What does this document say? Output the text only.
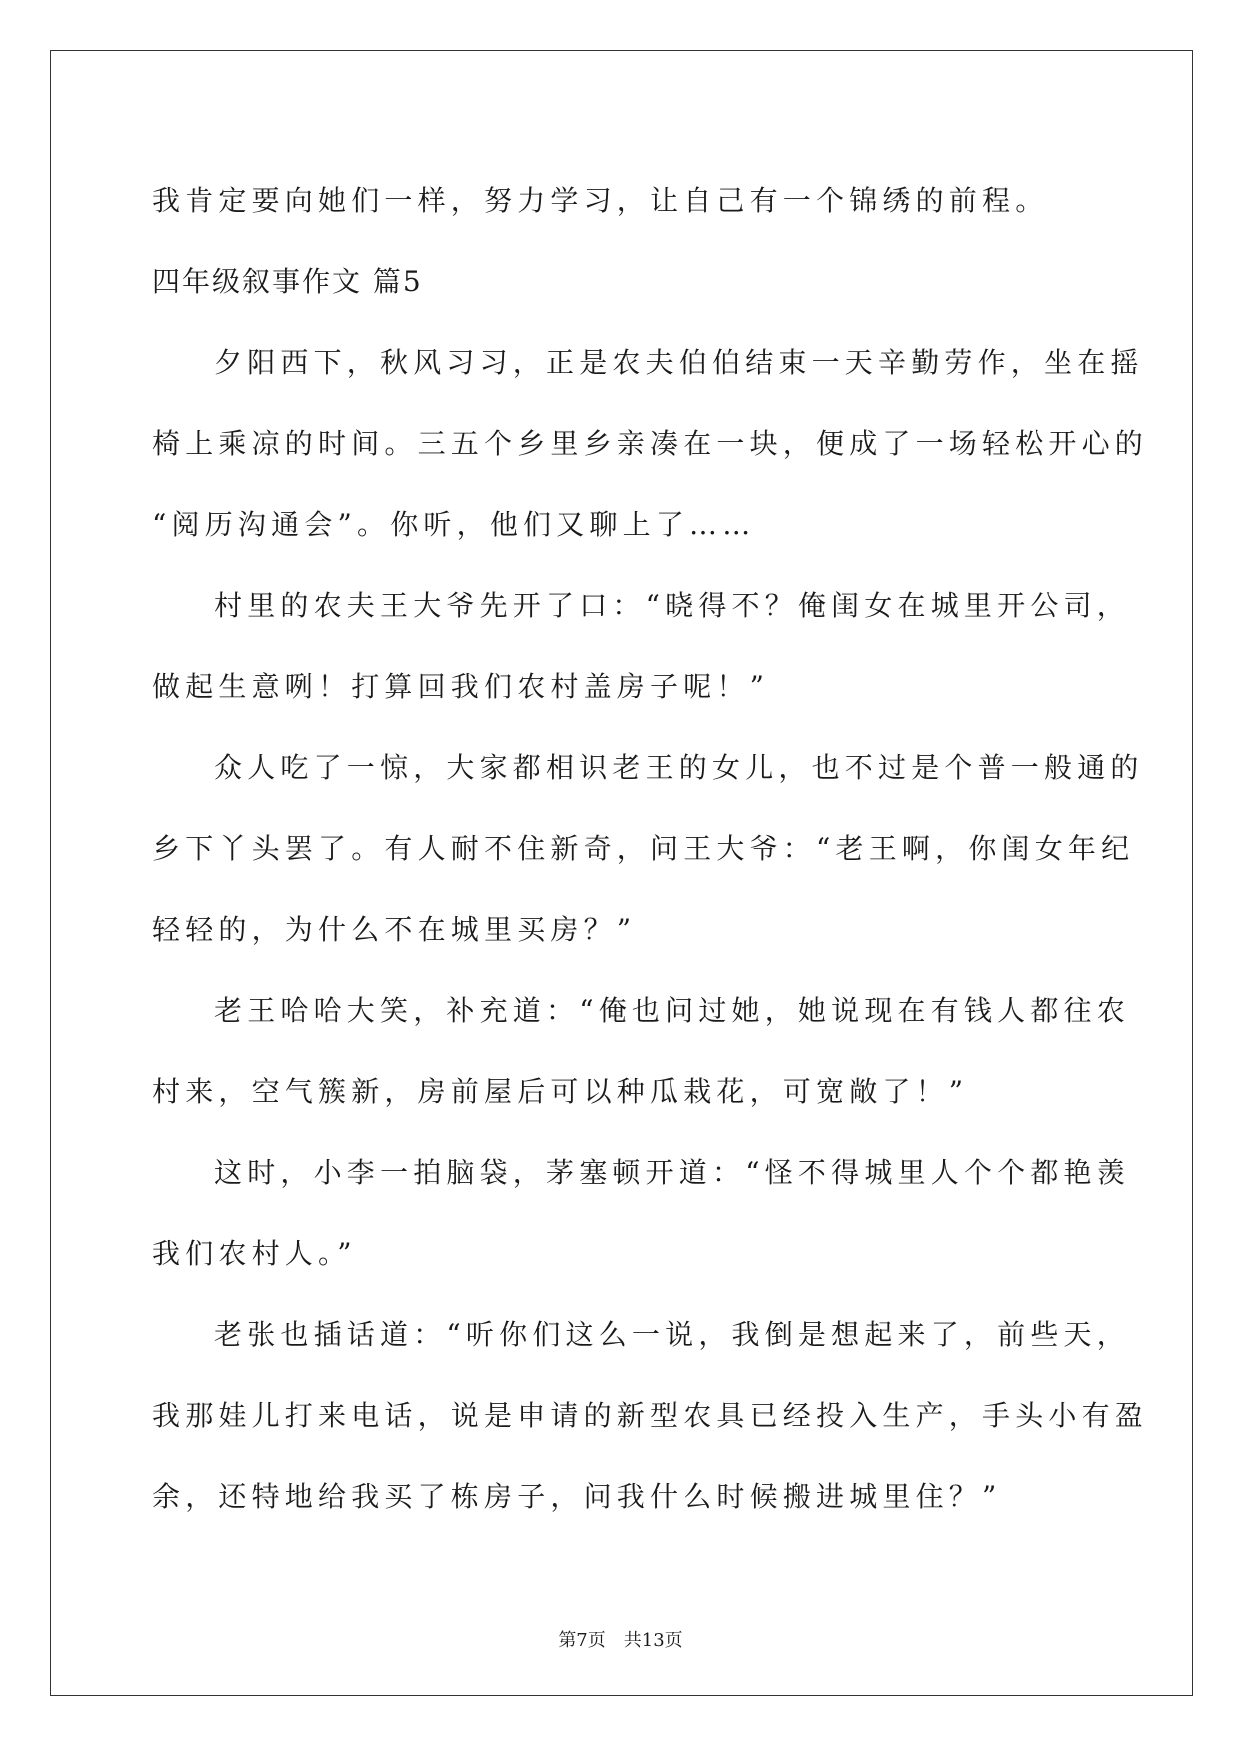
我肯定要向她们一样，努力学习，让自己有一个锦绣的前程。
四年级叙事作文 篇5
夕阳西下，秋风习习，正是农夫伯伯结束一天辛勤劳作，坐在摇
椅上乘凉的时间。三五个乡里乡亲凑在一块，便成了一场轻松开心的
“阅历沟通会”。你听，他们又聊上了……
村里的农夫王大爷先开了口：“晓得不？俺闺女在城里开公司，
做起生意咧！打算回我们农村盖房子呢！”
众人吃了一惊，大家都相识老王的女儿，也不过是个普一般通的
乡下丫头罢了。有人耐不住新奇，问王大爷：“老王啊，你闺女年纪
轻轻的，为什么不在城里买房？”
老王哈哈大笑，补充道：“俺也问过她，她说现在有钱人都往农
村来，空气簇新，房前屋后可以种瓜栽花，可宽敞了！”
这时，小李一拍脑袋，茅塞顿开道：“怪不得城里人个个都艳羡
我们农村人。”
老张也插话道：“听你们这么一说，我倒是想起来了，前些天，
我那娃儿打来电话，说是申请的新型农具已经投入生产，手头小有盈
余，还特地给我买了栋房子，问我什么时候搬进城里住？”
第7页　共13页
